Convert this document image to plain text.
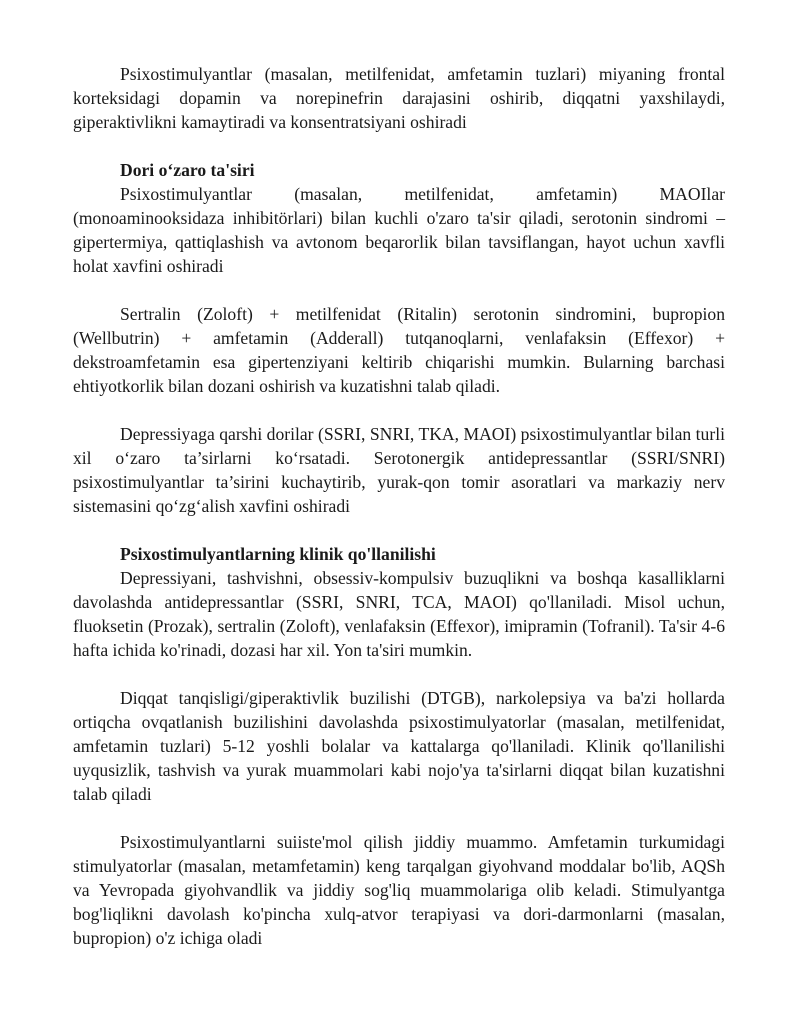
Psixostimulyantlar (masalan, metilfenidat, amfetamin tuzlari) miyaning frontal korteksidagi dopamin va norepinefrin darajasini oshirib, diqqatni yaxshilaydi, giperaktivlikni kamaytiradi va konsentratsiyani oshiradi

Dori o‘zaro ta'siri

Psixostimulyantlar (masalan, metilfenidat, amfetamin) MAOIlar (monoaminooksidaza inhibitörlari) bilan kuchli o'zaro ta'sir qiladi, serotonin sindromi – gipertermiya, qattiqlashish va avtonom beqarorlik bilan tavsiflangan, hayot uchun xavfli holat xavfini oshiradi

Sertralin (Zoloft) + metilfenidat (Ritalin) serotonin sindromini, bupropion (Wellbutrin) + amfetamin (Adderall) tutqanoqlarni, venlafaksin (Effexor) + dekstroamfetamin esa gipertenziyani keltirib chiqarishi mumkin. Bularning barchasi ehtiyotkorlik bilan dozani oshirish va kuzatishni talab qiladi.

Depressiyaga qarshi dorilar (SSRI, SNRI, TKA, MAOI) psixostimulyantlar bilan turli xil o‘zaro ta’sirlarni ko‘rsatadi. Serotonergik antidepressantlar (SSRI/SNRI) psixostimulyantlar ta’sirini kuchaytirib, yurak-qon tomir asoratlari va markaziy nerv sistemasini qo‘zg‘alish xavfini oshiradi

Psixostimulyantlarning klinik qo'llanilishi

Depressiyani, tashvishni, obsessiv-kompulsiv buzuqlikni va boshqa kasalliklarni davolashda antidepressantlar (SSRI, SNRI, TCA, MAOI) qo'llaniladi. Misol uchun, fluoksetin (Prozak), sertralin (Zoloft), venlafaksin (Effexor), imipramin (Tofranil). Ta'sir 4-6 hafta ichida ko'rinadi, dozasi har xil. Yon ta'siri mumkin.

Diqqat tanqisligi/giperaktivlik buzilishi (DTGB), narkolepsiya va ba'zi hollarda ortiqcha ovqatlanish buzilishini davolashda psixostimulyatorlar (masalan, metilfenidat, amfetamin tuzlari) 5-12 yoshli bolalar va kattalarga qo'llaniladi. Klinik qo'llanilishi uyqusizlik, tashvish va yurak muammolari kabi nojo'ya ta'sirlarni diqqat bilan kuzatishni talab qiladi

Psixostimulyantlarni suiiste'mol qilish jiddiy muammo. Amfetamin turkumidagi stimulyatorlar (masalan, metamfetamin) keng tarqalgan giyohvand moddalar bo'lib, AQSh va Yevropada giyohvandlik va jiddiy sog'liq muammolariga olib keladi. Stimulyantga bog'liqlikni davolash ko'pincha xulq-atvor terapiyasi va dori-darmonlarni (masalan, bupropion) o'z ichiga oladi
